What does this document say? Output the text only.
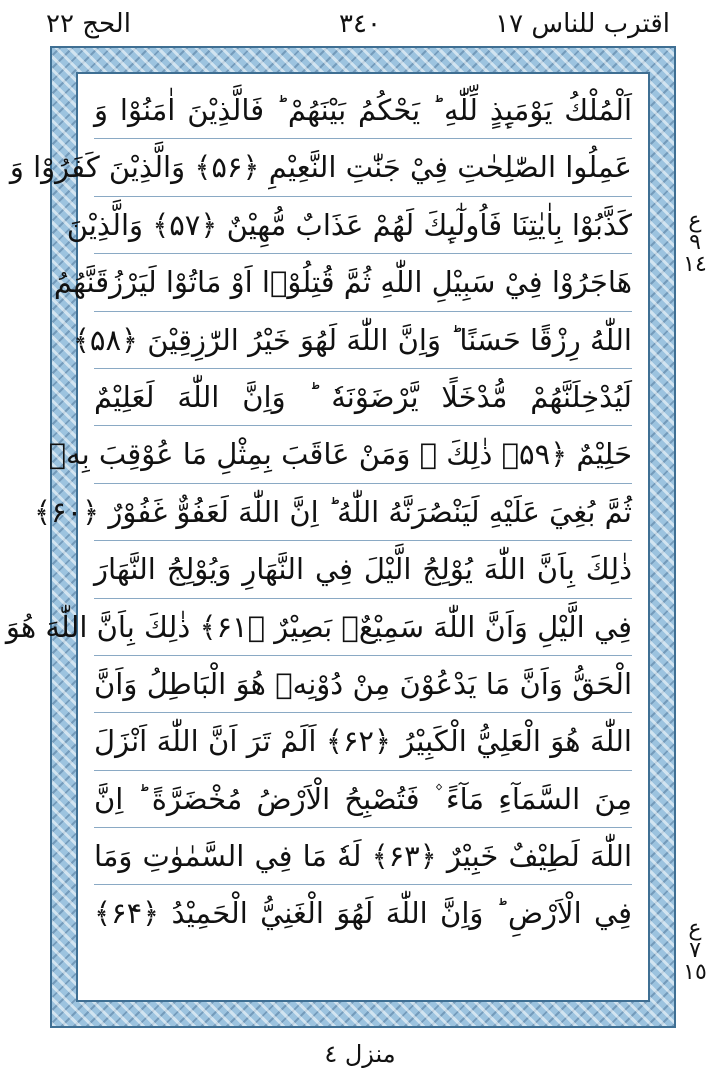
اقترب للناس ١٧
٣٤٠
الحج ٢٢
اَلْمُلْكُ يَوْمَىِٕذٍ لِّلّٰهِ ؕ يَحْكُمُ بَيْنَهُمْ ؕ فَالَّذِيْنَ اٰمَنُوْا وَ
عَمِلُوا الصّٰلِحٰتِ فِيْ جَنّٰتِ النَّعِيْمِ ﴿۵۶﴾ وَالَّذِيْنَ كَفَرُوْا وَ
كَذَّبُوْا بِاٰيٰتِنَا فَاُولٰٓىِٕكَ لَهُمْ عَذَابٌ مُّهِيْنٌ ﴿۵۷﴾ وَالَّذِيْنَ
هَاجَرُوْا فِيْ سَبِيْلِ اللّٰهِ ثُمَّ قُتِلُوْۤا اَوْ مَاتُوْا لَيَرْزُقَنَّهُمُ
اللّٰهُ رِزْقًا حَسَنًا ؕ وَاِنَّ اللّٰهَ لَهُوَ خَيْرُ الرّٰزِقِيْنَ ﴿۵۸﴾
لَيُدْخِلَنَّهُمْ مُّدْخَلًا يَّرْضَوْنَهٗ ؕ وَاِنَّ اللّٰهَ لَعَلِيْمٌ
حَلِيْمٌ ﴿۵۹﴾ ذٰلِكَ ۚ وَمَنْ عَاقَبَ بِمِثْلِ مَا عُوْقِبَ بِهٖ
ثُمَّ بُغِيَ عَلَيْهِ لَيَنْصُرَنَّهُ اللّٰهُ ؕ اِنَّ اللّٰهَ لَعَفُوٌّ غَفُوْرٌ ﴿۶۰﴾
ذٰلِكَ بِاَنَّ اللّٰهَ يُوْلِجُ الَّيْلَ فِي النَّهَارِ وَيُوْلِجُ النَّهَارَ
فِي الَّيْلِ وَاَنَّ اللّٰهَ سَمِيْعٌۢ بَصِيْرٌ ﴿۶۱﴾ ذٰلِكَ بِاَنَّ اللّٰهَ هُوَ
الْحَقُّ وَاَنَّ مَا يَدْعُوْنَ مِنْ دُوْنِهٖ هُوَ الْبَاطِلُ وَاَنَّ
اللّٰهَ هُوَ الْعَلِيُّ الْكَبِيْرُ ﴿۶۲﴾ اَلَمْ تَرَ اَنَّ اللّٰهَ اَنْزَلَ
مِنَ السَّمَآءِ مَآءً ۫ فَتُصْبِحُ الْاَرْضُ مُخْضَرَّةً ؕ اِنَّ
اللّٰهَ لَطِيْفٌ خَبِيْرٌ ﴿۶۳﴾ لَهٗ مَا فِي السَّمٰوٰتِ وَمَا
فِي الْاَرْضِ ؕ وَاِنَّ اللّٰهَ لَهُوَ الْغَنِيُّ الْحَمِيْدُ ﴿۶۴﴾
ع
٩
١٤
ع
٧
١٥
منزل ٤
